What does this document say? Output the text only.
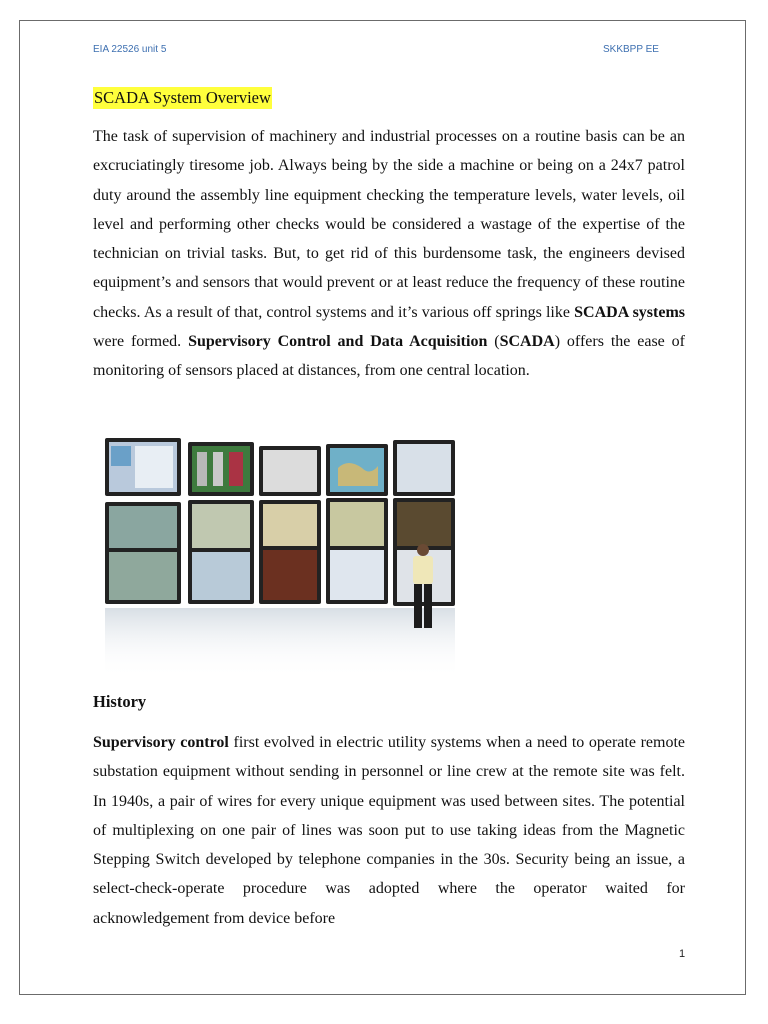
EIA 22526 unit 5	SKKBPP EE
SCADA System Overview

The task of supervision of machinery and industrial processes on a routine basis can be an excruciatingly tiresome job. Always being by the side a machine or being on a 24x7 patrol duty around the assembly line equipment checking the temperature levels, water levels, oil level and performing other checks would be considered a wastage of the expertise of the technician on trivial tasks. But, to get rid of this burdensome task, the engineers devised equipment’s and sensors that would prevent or at least reduce the frequency of these routine checks. As a result of that, control systems and it’s various off springs like SCADA systems were formed. Supervisory Control and Data Acquisition (SCADA) offers the ease of monitoring of sensors placed at distances, from one central location.

History

Supervisory control first evolved in electric utility systems when a need to operate remote substation equipment without sending in personnel or line crew at the remote site was felt. In 1940s, a pair of wires for every unique equipment was used between sites. The potential of multiplexing on one pair of lines was soon put to use taking ideas from the Magnetic Stepping Switch developed by telephone companies in the 30s. Security being an issue, a select-check-operate procedure was adopted where the operator waited for acknowledgement from device before

1
